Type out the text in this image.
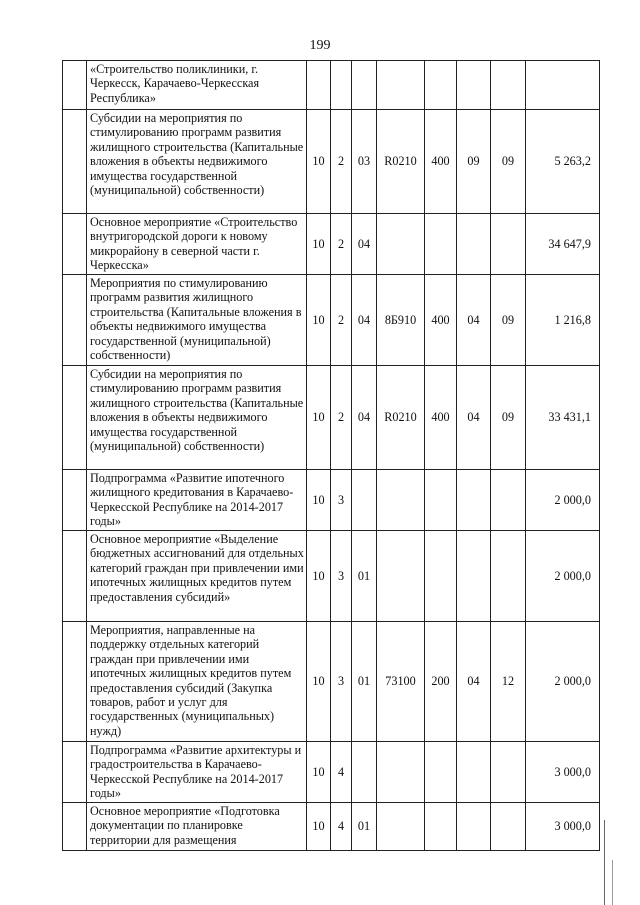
199
	«Строительство поликлиники, г. Черкесск, Карачаево-Черкесская Республика»								
	Субсидии на мероприятия по стимулированию программ развития жилищного строительства (Капитальные вложения в объекты недвижимого имущества государственной (муниципальной) собственности)	10	2	03	R0210	400	09	09	5 263,2
	Основное мероприятие «Строительство внутригородской дороги к новому микрорайону в северной части г. Черкесска»	10	2	04					34 647,9
	Мероприятия по стимулированию программ развития жилищного строительства (Капитальные вложения в объекты недвижимого имущества государственной (муниципальной) собственности)	10	2	04	8Б910	400	04	09	1 216,8
	Субсидии на мероприятия по стимулированию программ развития жилищного строительства (Капитальные вложения в объекты недвижимого имущества государственной (муниципальной) собственности)	10	2	04	R0210	400	04	09	33 431,1
	Подпрограмма «Развитие ипотечного жилищного кредитования в Карачаево-Черкесской Республике на 2014-2017 годы»	10	3						2 000,0
	Основное мероприятие «Выделение бюджетных ассигнований для отдельных категорий граждан при привлечении ими ипотечных жилищных кредитов путем предоставления субсидий»	10	3	01					2 000,0
	Мероприятия, направленные на поддержку отдельных категорий граждан при привлечении ими ипотечных жилищных кредитов путем предоставления субсидий (Закупка товаров, работ и услуг для государственных (муниципальных) нужд)	10	3	01	73100	200	04	12	2 000,0
	Подпрограмма «Развитие архитектуры и градостроительства в Карачаево-Черкесской Республике на 2014-2017 годы»	10	4						3 000,0
	Основное мероприятие «Подготовка документации по планировке территории для размещения	10	4	01					3 000,0
